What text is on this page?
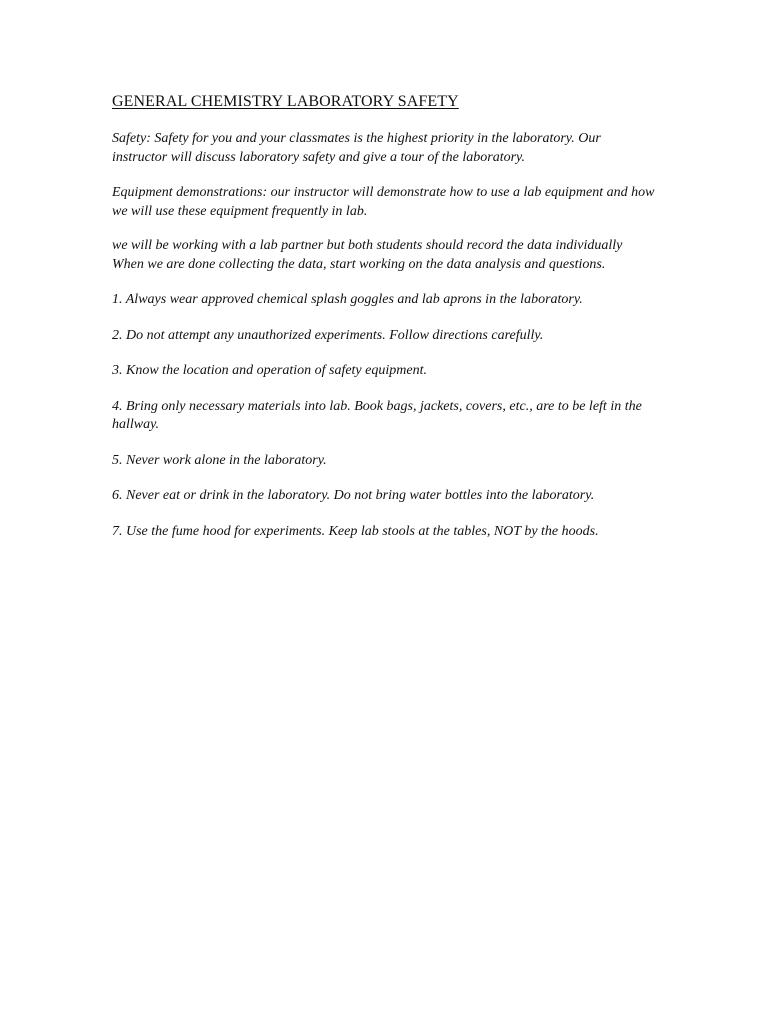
GENERAL CHEMISTRY LABORATORY SAFETY

Safety: Safety for you and your classmates is the highest priority in the laboratory. Our instructor will discuss laboratory safety and give a tour of the laboratory.

Equipment demonstrations: our instructor will demonstrate how to use a lab equipment and how we will use these equipment frequently in lab.

we will be working with a lab partner but both students should record the data individually

When we are done collecting the data, start working on the data analysis and questions.

1. Always wear approved chemical splash goggles and lab aprons in the laboratory.

2. Do not attempt any unauthorized experiments. Follow directions carefully.

3. Know the location and operation of safety equipment.

4. Bring only necessary materials into lab. Book bags, jackets, covers, etc., are to be left in the hallway.

5. Never work alone in the laboratory.

6. Never eat or drink in the laboratory. Do not bring water bottles into the laboratory.

7. Use the fume hood for experiments. Keep lab stools at the tables, NOT by the hoods.
